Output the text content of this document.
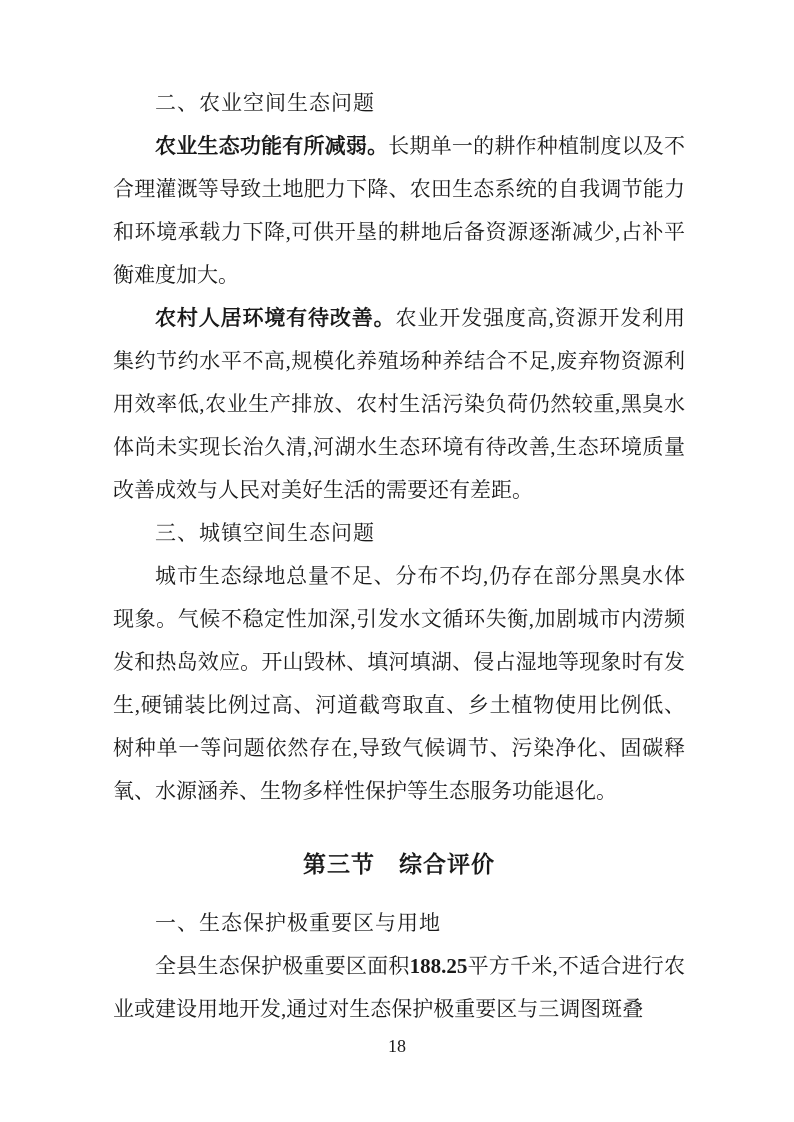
二、农业空间生态问题

农业生态功能有所减弱。长期单一的耕作种植制度以及不合理灌溉等导致土地肥力下降、农田生态系统的自我调节能力和环境承载力下降,可供开垦的耕地后备资源逐渐减少,占补平衡难度加大。

农村人居环境有待改善。农业开发强度高,资源开发利用集约节约水平不高,规模化养殖场种养结合不足,废弃物资源利用效率低,农业生产排放、农村生活污染负荷仍然较重,黑臭水体尚未实现长治久清,河湖水生态环境有待改善,生态环境质量改善成效与人民对美好生活的需要还有差距。

三、城镇空间生态问题

城市生态绿地总量不足、分布不均,仍存在部分黑臭水体现象。气候不稳定性加深,引发水文循环失衡,加剧城市内涝频发和热岛效应。开山毁林、填河填湖、侵占湿地等现象时有发生,硬铺装比例过高、河道截弯取直、乡土植物使用比例低、树种单一等问题依然存在,导致气候调节、污染净化、固碳释氧、水源涵养、生物多样性保护等生态服务功能退化。

第三节　综合评价
一、生态保护极重要区与用地

全县生态保护极重要区面积188.25平方千米,不适合进行农业或建设用地开发,通过对生态保护极重要区与三调图斑叠

18
